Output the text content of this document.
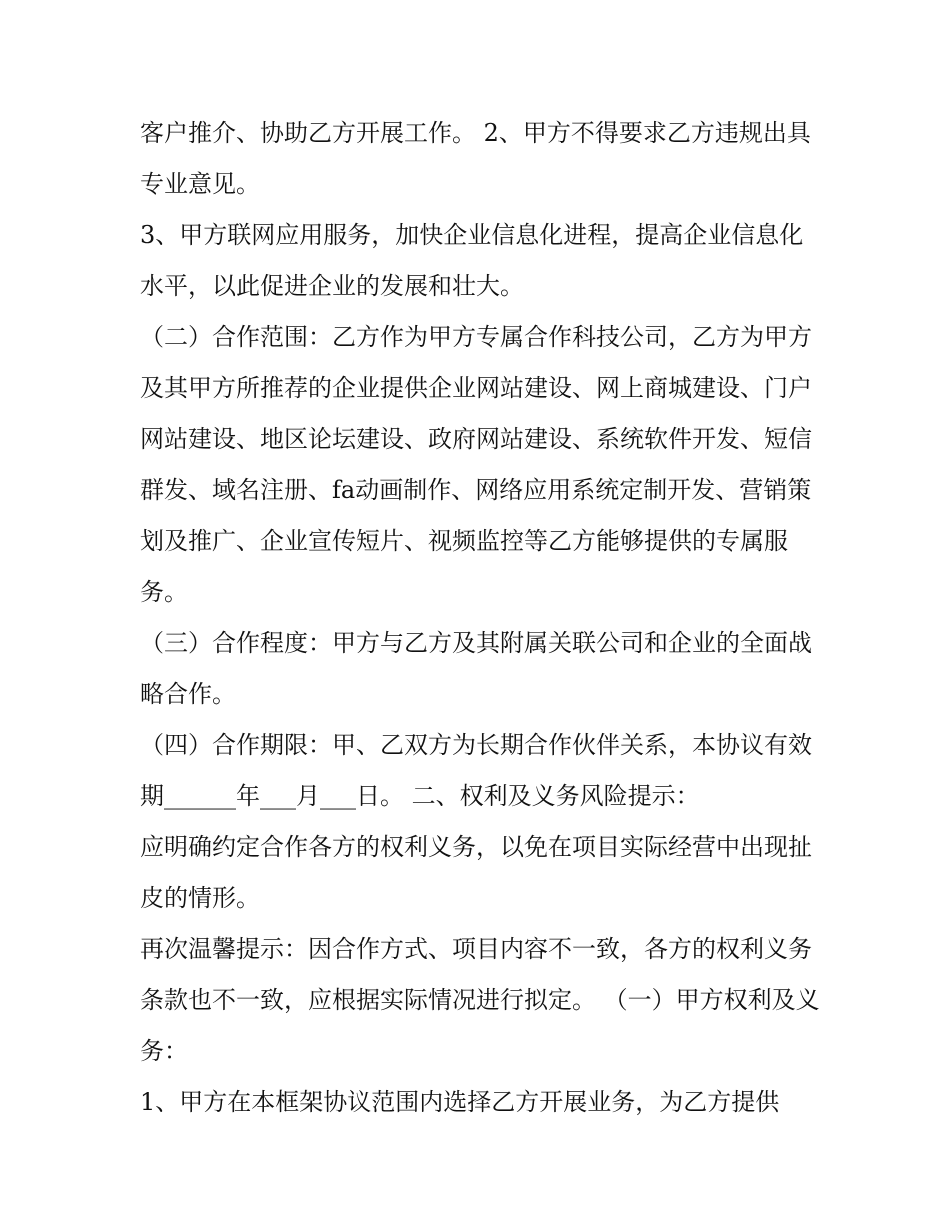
客户推介、协助乙方开展工作。 2、甲方不得要求乙方违规出具专业意见。

3、甲方联网应用服务，加快企业信息化进程，提高企业信息化水平，以此促进企业的发展和壮大。

（二）合作范围：乙方作为甲方专属合作科技公司，乙方为甲方及其甲方所推荐的企业提供企业网站建设、网上商城建设、门户网站建设、地区论坛建设、政府网站建设、系统软件开发、短信群发、域名注册、fa动画制作、网络应用系统定制开发、营销策划及推广、企业宣传短片、视频监控等乙方能够提供的专属服务。

（三）合作程度：甲方与乙方及其附属关联公司和企业的全面战略合作。

（四）合作期限：甲、乙双方为长期合作伙伴关系，本协议有效期______年___月___日。 二、权利及义务风险提示：

应明确约定合作各方的权利义务，以免在项目实际经营中出现扯皮的情形。

再次温馨提示：因合作方式、项目内容不一致，各方的权利义务条款也不一致，应根据实际情况进行拟定。 （一）甲方权利及义务：

1、甲方在本框架协议范围内选择乙方开展业务，为乙方提供
